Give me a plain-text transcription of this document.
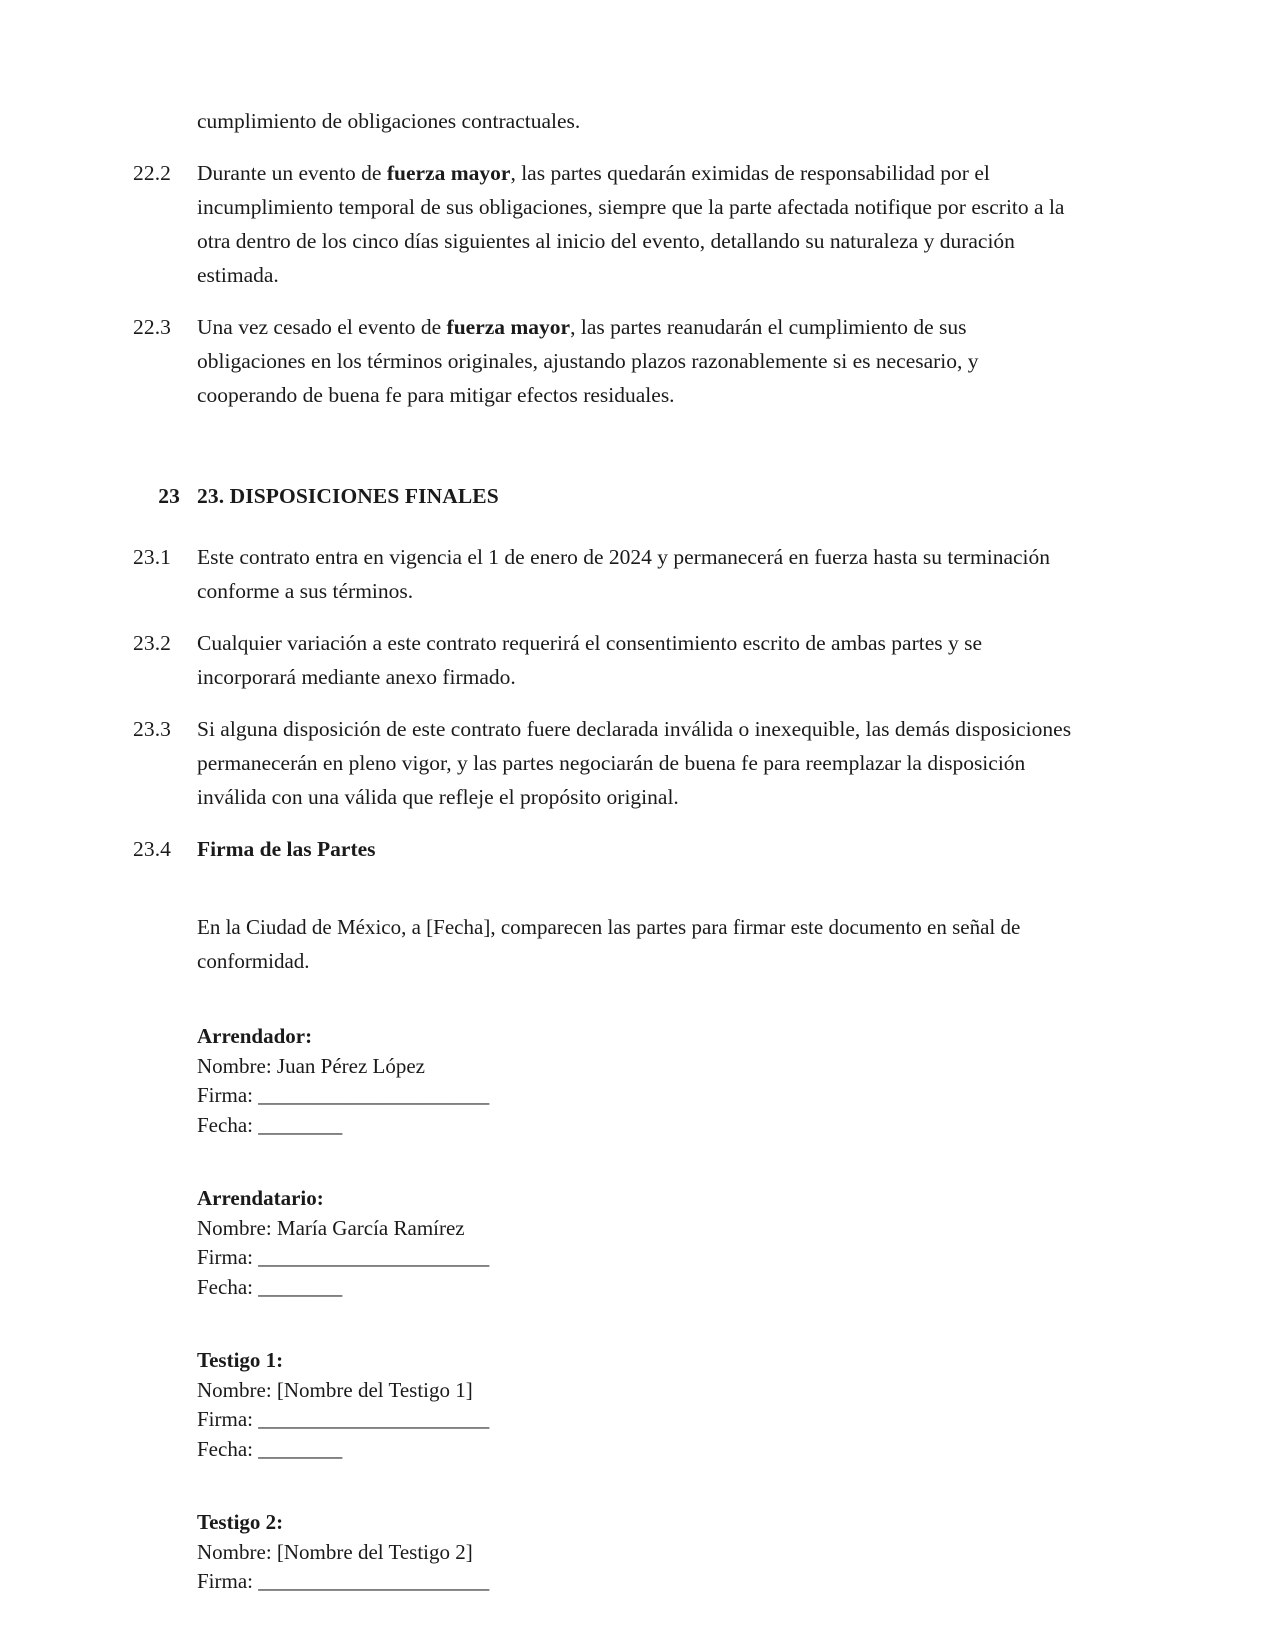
cumplimiento de obligaciones contractuales.
22.2	Durante un evento de fuerza mayor, las partes quedarán eximidas de responsabilidad por el incumplimiento temporal de sus obligaciones, siempre que la parte afectada notifique por escrito a la otra dentro de los cinco días siguientes al inicio del evento, detallando su naturaleza y duración estimada.
22.3	Una vez cesado el evento de fuerza mayor, las partes reanudarán el cumplimiento de sus obligaciones en los términos originales, ajustando plazos razonablemente si es necesario, y cooperando de buena fe para mitigar efectos residuales.
23 23. DISPOSICIONES FINALES
23.1	Este contrato entra en vigencia el 1 de enero de 2024 y permanecerá en fuerza hasta su terminación conforme a sus términos.
23.2	Cualquier variación a este contrato requerirá el consentimiento escrito de ambas partes y se incorporará mediante anexo firmado.
23.3	Si alguna disposición de este contrato fuere declarada inválida o inexequible, las demás disposiciones permanecerán en pleno vigor, y las partes negociarán de buena fe para reemplazar la disposición inválida con una válida que refleje el propósito original.
23.4	Firma de las Partes
En la Ciudad de México, a [Fecha], comparecen las partes para firmar este documento en señal de conformidad.
Arrendador:
Nombre: Juan Pérez López
Firma: ______________________
Fecha: ________
Arrendatario:
Nombre: María García Ramírez
Firma: ______________________
Fecha: ________
Testigo 1:
Nombre: [Nombre del Testigo 1]
Firma: ______________________
Fecha: ________
Testigo 2:
Nombre: [Nombre del Testigo 2]
Firma: ______________________
